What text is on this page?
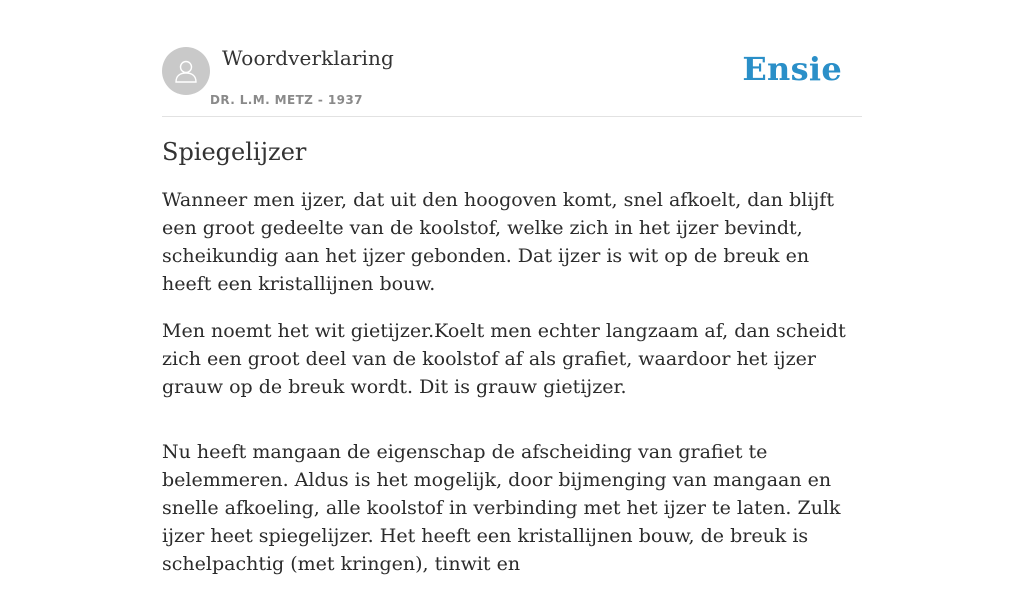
Woordverklaring
DR. L.M. METZ - 1937
Ensie
Spiegelijzer

Wanneer men ijzer, dat uit den hoogoven komt, snel afkoelt, dan blijft een groot gedeelte van de koolstof, welke zich in het ijzer bevindt, scheikundig aan het ijzer gebonden. Dat ijzer is wit op de breuk en heeft een kristallijnen bouw.

Men noemt het wit gietijzer.Koelt men echter langzaam af, dan scheidt zich een groot deel van de koolstof af als grafiet, waardoor het ijzer grauw op de breuk wordt. Dit is grauw gietijzer.

Nu heeft mangaan de eigenschap de afscheiding van grafiet te belemmeren. Aldus is het mogelijk, door bijmenging van mangaan en snelle afkoeling, alle koolstof in verbinding met het ijzer te laten. Zulk ijzer heet spiegelijzer. Het heeft een kristallijnen bouw, de breuk is schelpachtig (met kringen), tinwit en
